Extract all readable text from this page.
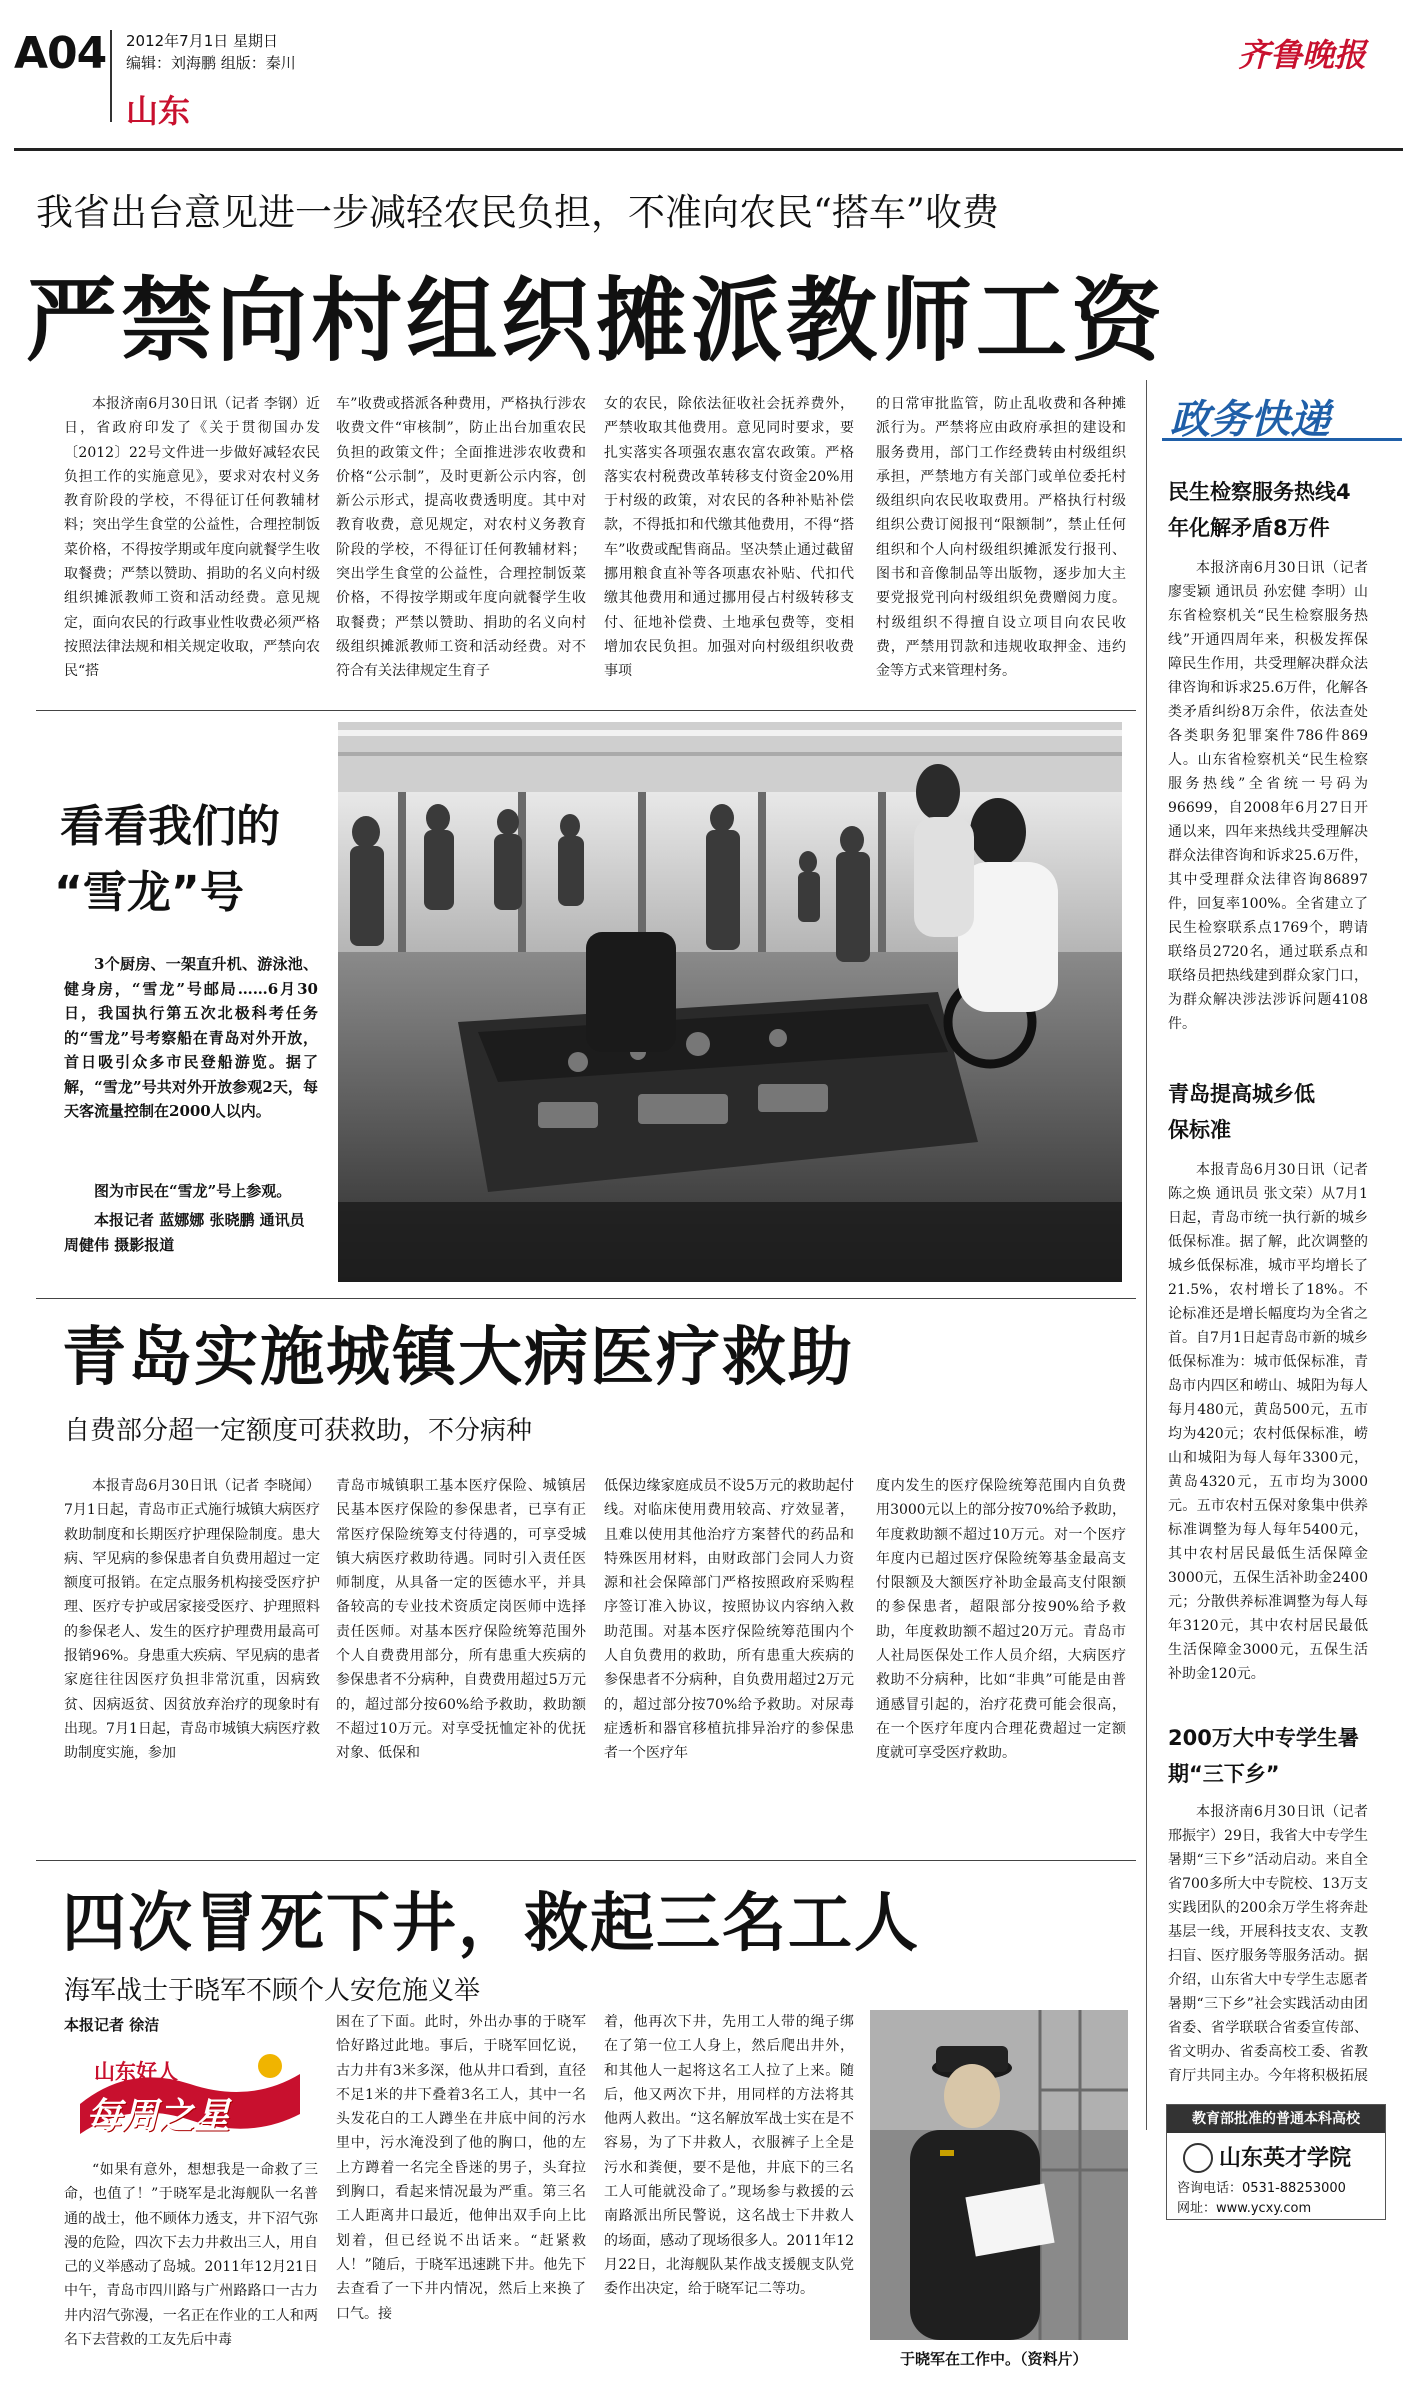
A04 2012年7月1日 星期日
编辑：刘海鹏 组版：秦川
山东
齐鲁晚报
我省出台意见进一步减轻农民负担，不准向农民“搭车”收费
严禁向村组织摊派教师工资
本报济南6月30日讯（记者 李钢）近日，省政府印发了《关于贯彻国办发〔2012〕22号文件进一步做好减轻农民负担工作的实施意见》，要求对农村义务教育阶段的学校，不得征订任何教辅材料；突出学生食堂的公益性，合理控制饭菜价格，不得按学期或年度向就餐学生收取餐费；严禁以赞助、捐助的名义向村级组织摊派教师工资和活动经费。意见规定，面向农民的行政事业性收费必须严格按照法律法规和相关规定收取，严禁向农民“搭
车”收费或搭派各种费用，严格执行涉农收费文件“审核制”，防止出台加重农民负担的政策文件；全面推进涉农收费和价格“公示制”，及时更新公示内容，创新公示形式，提高收费透明度。其中对教育收费，意见规定，对农村义务教育阶段的学校，不得征订任何教辅材料；突出学生食堂的公益性，合理控制饭菜价格，不得按学期或年度向就餐学生收取餐费；严禁以赞助、捐助的名义向村级组织摊派教师工资和活动经费。对不符合有关法律规定生育子
女的农民，除依法征收社会抚养费外，严禁收取其他费用。意见同时要求，要扎实落实各项强农惠农富农政策。严格落实农村税费改革转移支付资金20%用于村级的政策，对农民的各种补贴补偿款，不得抵扣和代缴其他费用，不得“搭车”收费或配售商品。坚决禁止通过截留挪用粮食直补等各项惠农补贴、代扣代缴其他费用和通过挪用侵占村级转移支付、征地补偿费、土地承包费等，变相增加农民负担。加强对向村级组织收费事项
的日常审批监管，防止乱收费和各种摊派行为。严禁将应由政府承担的建设和服务费用，部门工作经费转由村级组织承担，严禁地方有关部门或单位委托村级组织向农民收取费用。严格执行村级组织公费订阅报刊“限额制”，禁止任何组织和个人向村级组织摊派发行报刊、图书和音像制品等出版物，逐步加大主要党报党刊向村级组织免费赠阅力度。村级组织不得擅自设立项目向农民收费，严禁用罚款和违规收取押金、违约金等方式来管理村务。
政务快递
民生检察服务热线4年化解矛盾8万件
本报济南6月30日讯（记者 廖雯颖 通讯员 孙宏健 李明）山东省检察机关“民生检察服务热线”开通四周年来，积极发挥保障民生作用，共受理解决群众法律咨询和诉求25.6万件，化解各类矛盾纠纷8万余件，依法查处各类职务犯罪案件786件869人。山东省检察机关“民生检察服务热线”全省统一号码为96699，自2008年6月27日开通以来，四年来热线共受理解决群众法律咨询和诉求25.6万件，其中受理群众法律咨询86897件，回复率100%。全省建立了民生检察联系点1769个，聘请联络员2720名，通过联系点和联络员把热线建到群众家门口，为群众解决涉法涉诉问题4108件。
青岛提高城乡低保标准
本报青岛6月30日讯（记者 陈之焕 通讯员 张文荣）从7月1日起，青岛市统一执行新的城乡低保标准。据了解，此次调整的城乡低保标准，城市平均增长了21.5%，农村增长了18%。不论标准还是增长幅度均为全省之首。自7月1日起青岛市新的城乡低保标准为：城市低保标准，青岛市内四区和崂山、城阳为每人每月480元，黄岛500元，五市均为420元；农村低保标准，崂山和城阳为每人每年3300元，黄岛4320元，五市均为3000元。五市农村五保对象集中供养标准调整为每人每年5400元，其中农村居民最低生活保障金3000元，五保生活补助金2400元；分散供养标准调整为每人每年3120元，其中农村居民最低生活保障金3000元，五保生活补助金120元。
200万大中专学生暑期“三下乡”
本报济南6月30日讯（记者 邢振宇）29日，我省大中专学生暑期“三下乡”活动启动。来自全省700多所大中专院校、13万支实践团队的200余万学生将奔赴基层一线，开展科技支农、支教扫盲、医疗服务等服务活动。据介绍，山东省大中专学生志愿者暑期“三下乡”社会实践活动由团省委、省学联联合省委宣传部、省文明办、省委高校工委、省教育厅共同主办。今年将积极拓展
教育部批准的普通本科高校
山东英才学院
咨询电话：0531-88253000
网址：www.ycxy.com
看看我们的
“雪龙”号
3个厨房、一架直升机、游泳池、健身房，“雪龙”号邮局……6月30日，我国执行第五次北极科考任务的“雪龙”号考察船在青岛对外开放，首日吸引众多市民登船游览。据了解，“雪龙”号共对外开放参观2天，每天客流量控制在2000人以内。
图为市民在“雪龙”号上参观。
本报记者 蓝娜娜 张晓鹏 通讯员 周健伟 摄影报道
青岛实施城镇大病医疗救助
自费部分超一定额度可获救助，不分病种
本报青岛6月30日讯（记者 李晓闻）7月1日起，青岛市正式施行城镇大病医疗救助制度和长期医疗护理保险制度。患大病、罕见病的参保患者自负费用超过一定额度可报销。在定点服务机构接受医疗护理、医疗专护或居家接受医疗、护理照料的参保老人、发生的医疗护理费用最高可报销96%。身患重大疾病、罕见病的患者家庭往往因医疗负担非常沉重，因病致贫、因病返贫、因贫放弃治疗的现象时有出现。7月1日起，青岛市城镇大病医疗救助制度实施，参加
青岛市城镇职工基本医疗保险、城镇居民基本医疗保险的参保患者，已享有正常医疗保险统筹支付待遇的，可享受城镇大病医疗救助待遇。同时引入责任医师制度，从具备一定的医德水平，并具备较高的专业技术资质定岗医师中选择责任医师。对基本医疗保险统筹范围外个人自费费用部分，所有患重大疾病的参保患者不分病种，自费费用超过5万元的，超过部分按60%给予救助，救助额不超过10万元。对享受抚恤定补的优抚对象、低保和
低保边缘家庭成员不设5万元的救助起付线。对临床使用费用较高、疗效显著，且难以使用其他治疗方案替代的药品和特殊医用材料，由财政部门会同人力资源和社会保障部门严格按照政府采购程序签订准入协议，按照协议内容纳入救助范围。对基本医疗保险统筹范围内个人自负费用的救助，所有患重大疾病的参保患者不分病种，自负费用超过2万元的，超过部分按70%给予救助。对尿毒症透析和器官移植抗排异治疗的参保患者一个医疗年
度内发生的医疗保险统筹范围内自负费用3000元以上的部分按70%给予救助，年度救助额不超过10万元。对一个医疗年度内已超过医疗保险统筹基金最高支付限额及大额医疗补助金最高支付限额的参保患者，超限部分按90%给予救助，年度救助额不超过20万元。青岛市人社局医保处工作人员介绍，大病医疗救助不分病种，比如“非典”可能是由普通感冒引起的，治疗花费可能会很高，在一个医疗年度内合理花费超过一定额度就可享受医疗救助。
四次冒死下井，救起三名工人
海军战士于晓军不顾个人安危施义举
本报记者 徐洁
山东好人
每周之星
“如果有意外，想想我是一命救了三命，也值了！”于晓军是北海舰队一名普通的战士，他不顾体力透支，井下沼气弥漫的危险，四次下去力井救出三人，用自己的义举感动了岛城。2011年12月21日中午，青岛市四川路与广州路路口一古力井内沼气弥漫，一名正在作业的工人和两名下去营救的工友先后中毒
困在了下面。此时，外出办事的于晓军恰好路过此地。事后，于晓军回忆说，古力井有3米多深，他从井口看到，直径不足1米的井下叠着3名工人，其中一名头发花白的工人蹲坐在井底中间的污水里中，污水淹没到了他的胸口，他的左上方蹲着一名完全昏迷的男子，头耷拉到胸口，看起来情况最为严重。第三名工人距离井口最近，他伸出双手向上比划着，但已经说不出话来。“赶紧救人！”随后，于晓军迅速跳下井。他先下去查看了一下井内情况，然后上来换了口气。接
着，他再次下井，先用工人带的绳子绑在了第一位工人身上，然后爬出井外，和其他人一起将这名工人拉了上来。随后，他又两次下井，用同样的方法将其他两人救出。“这名解放军战士实在是不容易，为了下井救人，衣服裤子上全是污水和粪便，要不是他，井底下的三名工人可能就没命了。”现场参与救援的云南路派出所民警说，这名战士下井救人的场面，感动了现场很多人。2011年12月22日，北海舰队某作战支援舰支队党委作出决定，给于晓军记二等功。
于晓军在工作中。（资料片）
